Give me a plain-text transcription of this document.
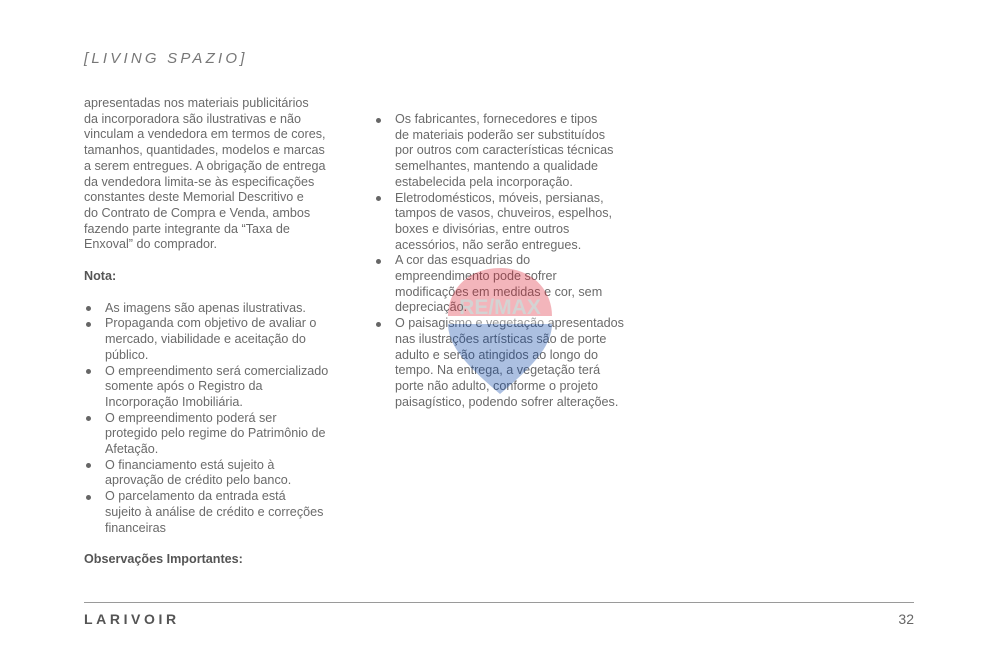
[LIVING SPAZIO]

apresentadas nos materiais publicitários
da incorporadora são ilustrativas e não
vinculam a vendedora em termos de cores,
tamanhos, quantidades, modelos e marcas
a serem entregues. A obrigação de entrega
da vendedora limita-se às especificações
constantes deste Memorial Descritivo e
do Contrato de Compra e Venda, ambos
fazendo parte integrante da “Taxa de
Enxoval” do comprador.

Nota:

As imagens são apenas ilustrativas.
Propaganda com objetivo de avaliar o
mercado, viabilidade e aceitação do
público.
O empreendimento será comercializado
somente após o Registro da
Incorporação Imobiliária.
O empreendimento poderá ser
protegido pelo regime do Patrimônio de
Afetação.
O financiamento está sujeito à
aprovação de crédito pelo banco.
O parcelamento da entrada está
sujeito à análise de crédito e correções
financeiras

Observações Importantes:

Os fabricantes, fornecedores e tipos
de materiais poderão ser substituídos
por outros com características técnicas
semelhantes, mantendo a qualidade
estabelecida pela incorporação.
Eletrodomésticos, móveis, persianas,
tampos de vasos, chuveiros, espelhos,
boxes e divisórias, entre outros
acessórios, não serão entregues.
A cor das esquadrias do
empreendimento pode sofrer
modificações em medidas e cor, sem
depreciação.
O paisagismo e vegetação apresentados
nas ilustrações artísticas são de porte
adulto e serão atingidos ao longo do
tempo. Na entrega, a vegetação terá
porte não adulto, conforme o projeto
paisagístico, podendo sofrer alterações.
RE/MAX
LARIVOIR	32
